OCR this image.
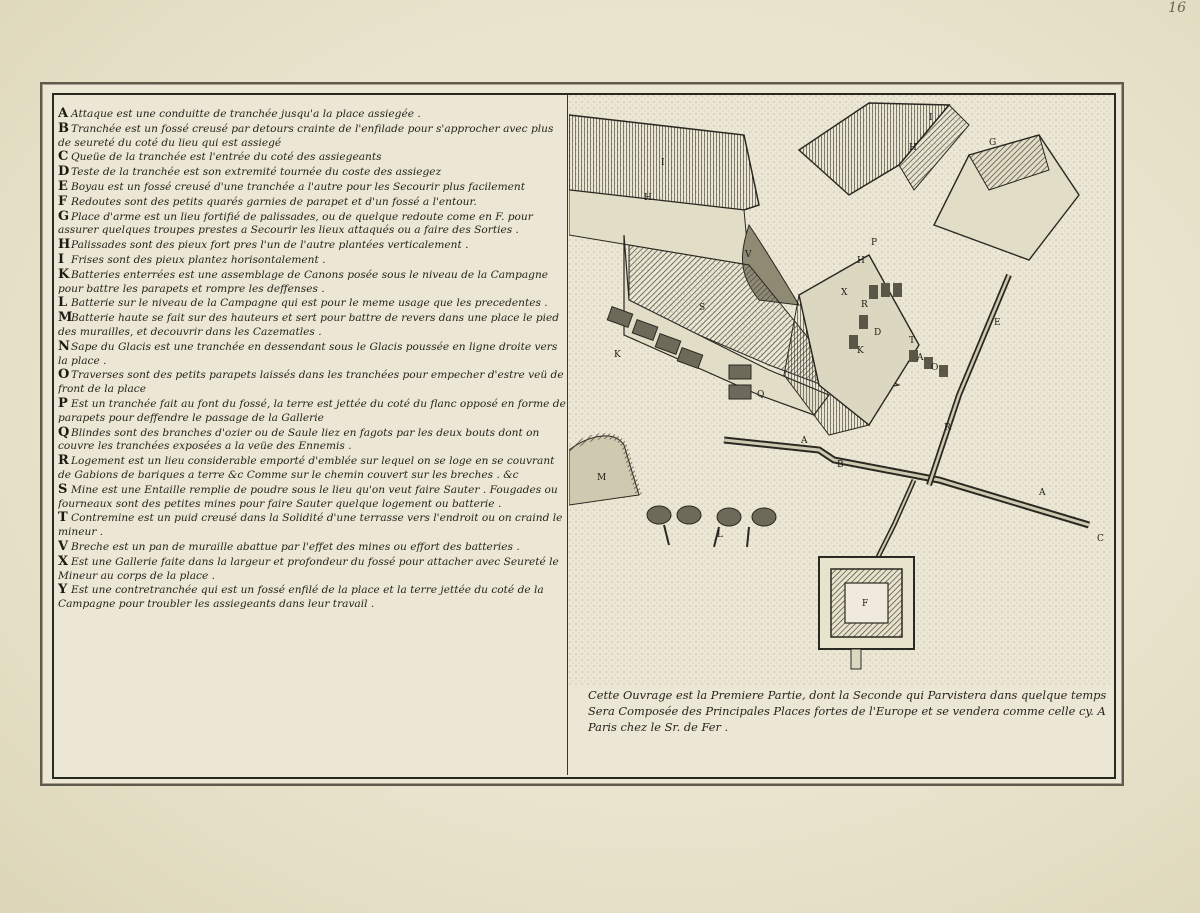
16

A Attaque est une conduitte de tranchée jusqu'a la place assiegée .

B Tranchée est un fossé creusé par detours crainte de l'enfilade pour s'approcher avec plus de seureté du coté du lieu qui est assiegé

C Queüe de la tranchée est l'entrée du coté des assiegeants

D Teste de la tranchée est son extremité tournée du coste des assiegez

E Boyau est un fossé creusé d'une tranchée a l'autre pour les Secourir plus facilement

F Redoutes sont des petits quarés garnies de parapet et d'un fossé a l'entour.

G Place d'arme est un lieu fortifié de palissades, ou de quelque redoute come en F. pour assurer quelques troupes prestes a Secourir les lieux attaqués ou a faire des Sorties .

HPalissades sont des pieux fort pres l'un de l'autre plantées verticalement .

I Frises sont des pieux plantez horisontalement .

K Batteries enterrées est une assemblage de Canons posée sous le niveau de la Campagne pour battre les parapets et rompre les deffenses .

L Batterie sur le niveau de la Campagne qui est pour le meme usage que les precedentes .

MBatterie haute se fait sur des hauteurs et sert pour battre de revers dans une place le pied des murailles, et decouvrir dans les Cazematles .

NSape du Glacis est une tranchée en dessendant sous le Glacis poussée en ligne droite vers la place .

O Traverses sont des petits parapets laissés dans les tranchées pour empecher d'estre veü de front de la place

P Est un tranchée fait au font du fossé, la terre est jettée du coté du flanc opposé en forme de parapets pour deffendre le passage de la Gallerie

Q Blindes sont des branches d'ozier ou de Saule liez en fagots par les deux bouts dont on couvre les tranchées exposées a la veüe des Ennemis .

R Logement est un lieu considerable emporté d'emblée sur lequel on se loge en se couvrant de Gabions de bariques a terre &c Comme sur le chemin couvert sur les breches . &c

S Mine est une Entaille remplie de poudre sous le lieu qu'on veut faire Sauter . Fougades ou fourneaux sont des petites mines pour faire Sauter quelque logement ou batterie .

T Contremine est un puid creusé dans la Solidité d'une terrasse vers l'endroit ou on craind le mineur .

V Breche est un pan de muraille abattue par l'effet des mines ou effort des batteries .

X Est une Gallerie faite dans la largeur et profondeur du fossé pour attacher avec Seureté le Mineur au corps de la place .

Y Est une contretranchée qui est un fossé enfilé de la place et la terre jettée du coté de la Campagne pour troubler les assiegeants dans leur travail .

I
H
H
I
G
V
P
H
X
S	R
D
K
T
E
K
Q
A
O
A
B
R
M
L
A
C
F
Cette Ouvrage est la Premiere Partie, dont la Seconde qui Parvistera dans quelque temps Sera Composée des Principales Places fortes de l'Europe et se vendera comme celle cy. A Paris chez le Sr. de Fer .
